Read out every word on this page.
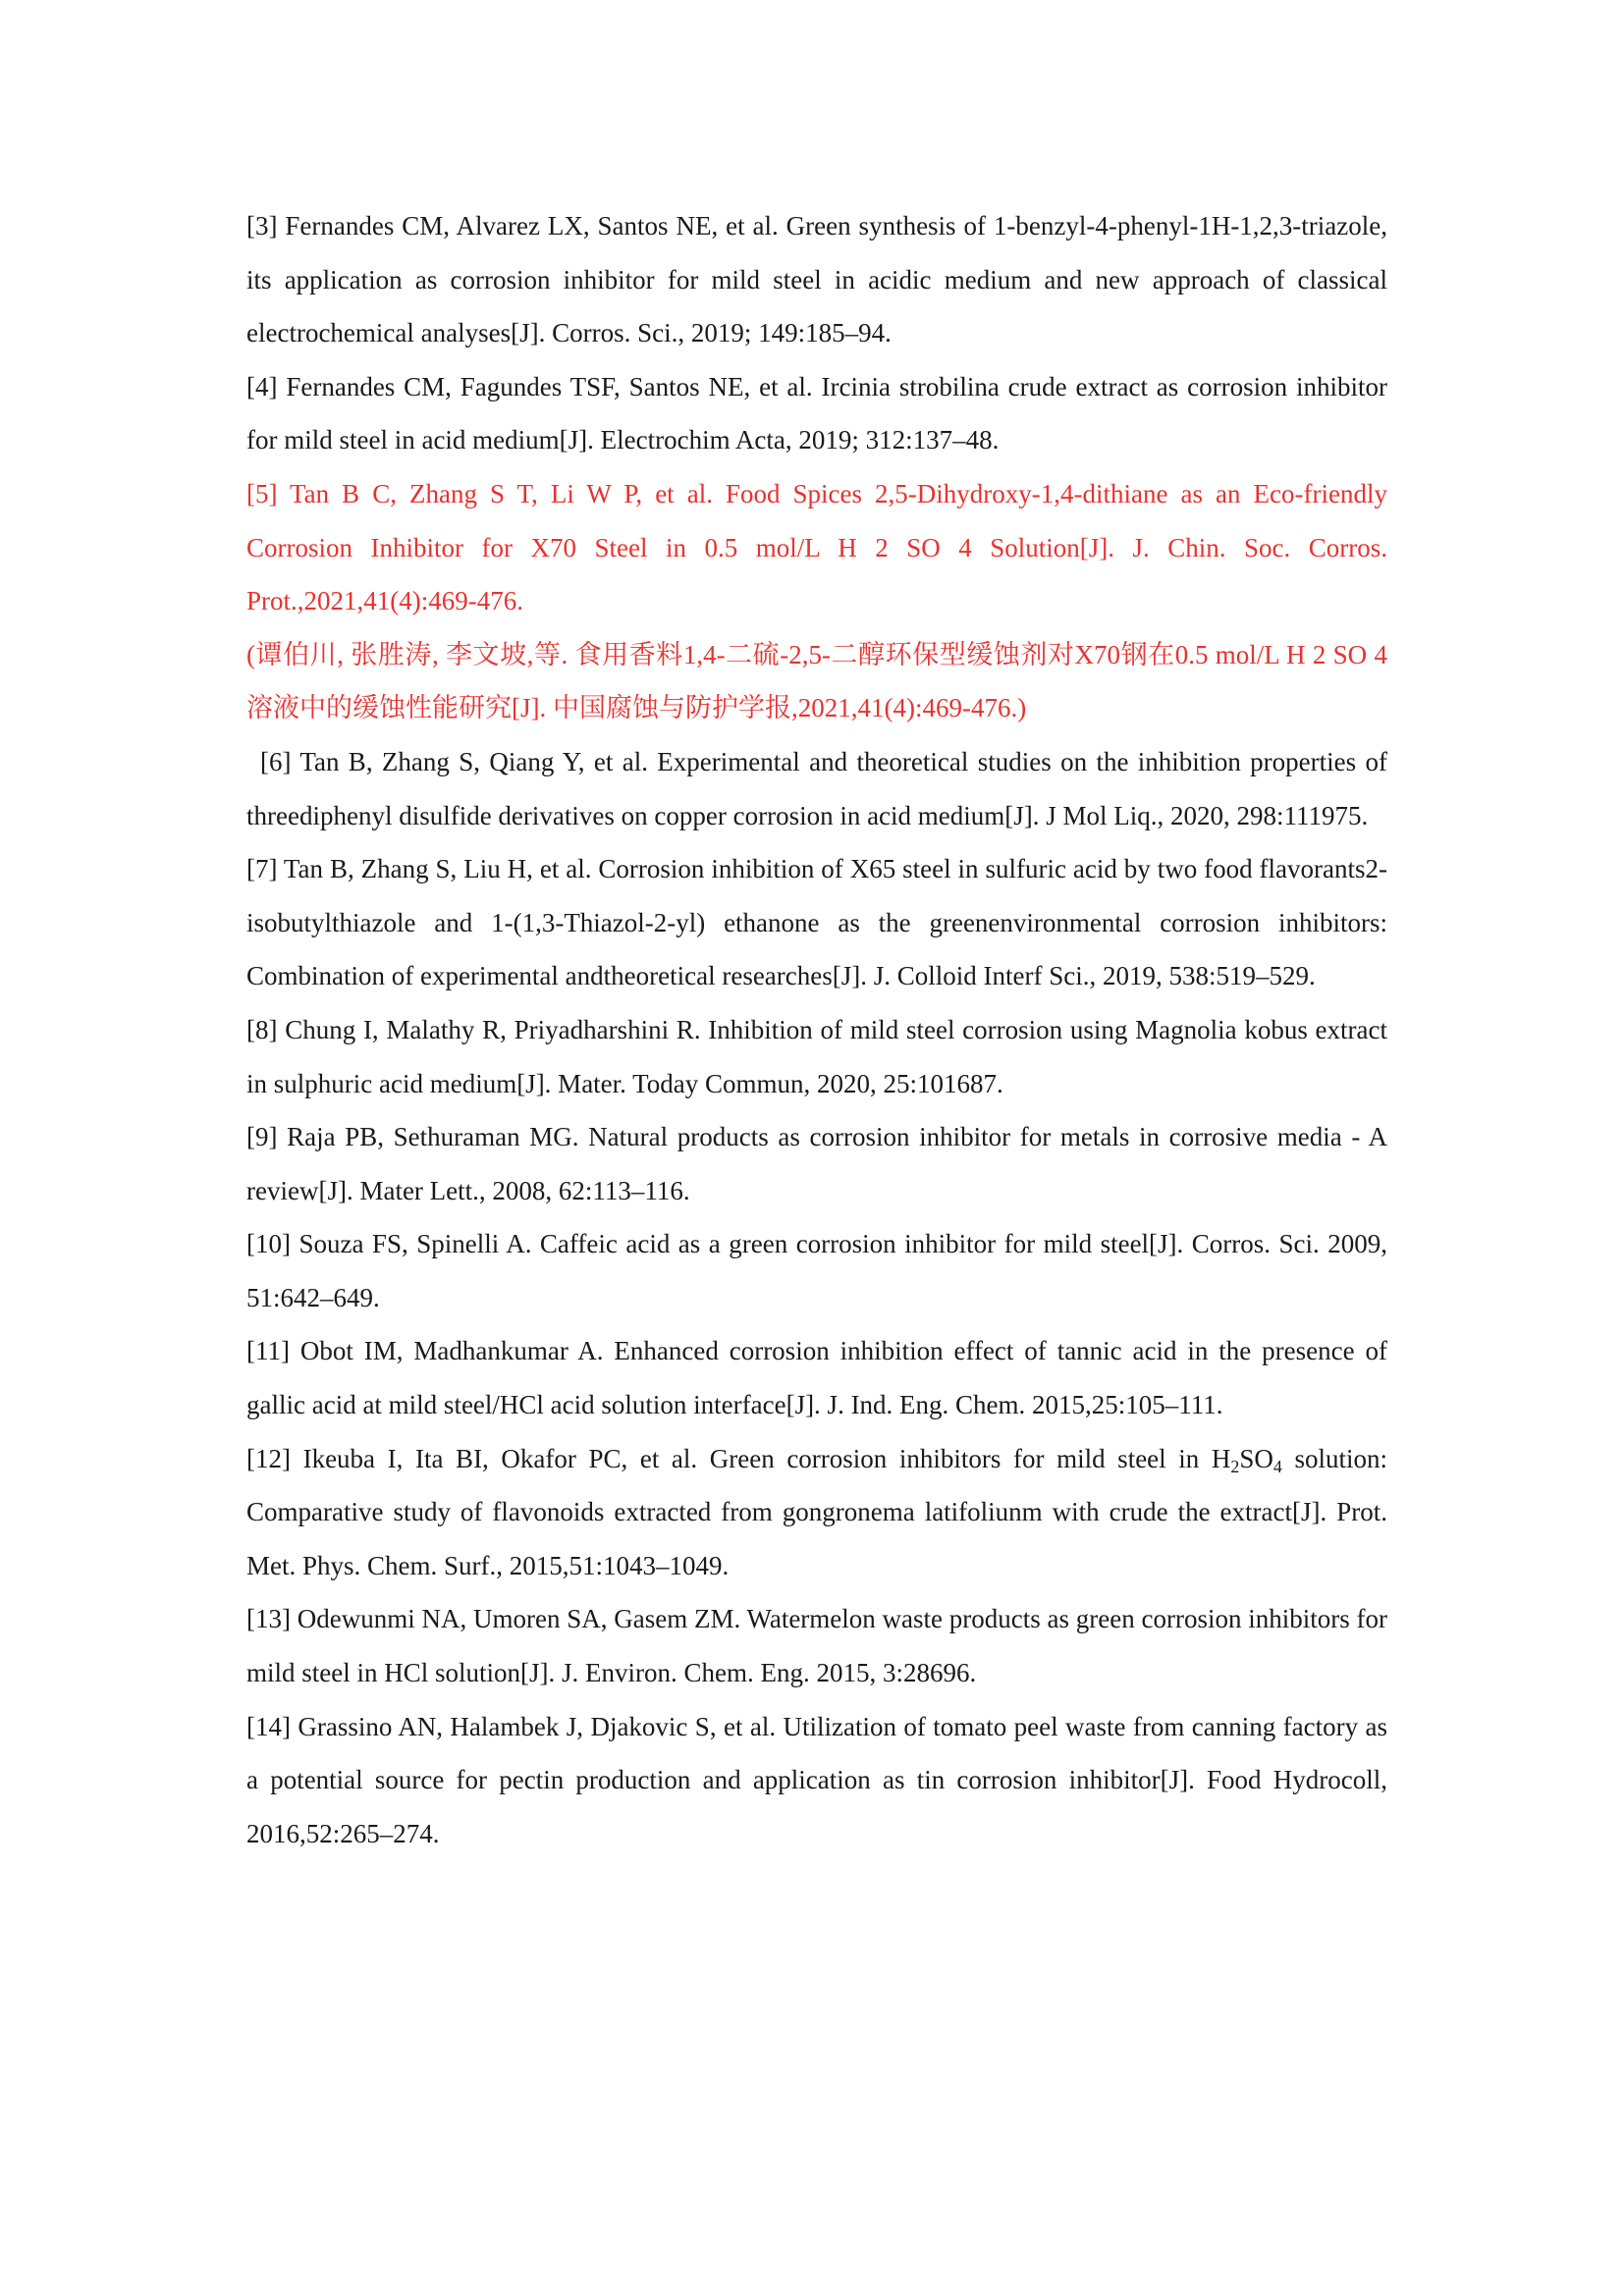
[3] Fernandes CM, Alvarez LX, Santos NE, et al. Green synthesis of 1-benzyl-4-phenyl-1H-1,2,3-triazole, its application as corrosion inhibitor for mild steel in acidic medium and new approach of classical electrochemical analyses[J]. Corros. Sci., 2019; 149:185–94.

[4] Fernandes CM, Fagundes TSF, Santos NE, et al. Ircinia strobilina crude extract as corrosion inhibitor for mild steel in acid medium[J]. Electrochim Acta, 2019; 312:137–48.

[5] Tan B C, Zhang S T, Li W P, et al. Food Spices 2,5-Dihydroxy-1,4-dithiane as an Eco-friendly Corrosion Inhibitor for X70 Steel in 0.5 mol/L H 2 SO 4 Solution[J]. J. Chin. Soc. Corros. Prot.,2021,41(4):469-476.

(谭伯川, 张胜涛, 李文坡,等. 食用香料1,4-二硫-2,5-二醇环保型缓蚀剂对X70钢在0.5 mol/L H 2 SO 4 溶液中的缓蚀性能研究[J]. 中国腐蚀与防护学报,2021,41(4):469-476.)

[6] Tan B, Zhang S, Qiang Y, et al. Experimental and theoretical studies on the inhibition properties of threediphenyl disulfide derivatives on copper corrosion in acid medium[J]. J Mol Liq., 2020, 298:111975.

[7] Tan B, Zhang S, Liu H, et al. Corrosion inhibition of X65 steel in sulfuric acid by two food flavorants2-isobutylthiazole and 1-(1,3-Thiazol-2-yl) ethanone as the greenenvironmental corrosion inhibitors: Combination of experimental andtheoretical researches[J]. J. Colloid Interf Sci., 2019, 538:519–529.

[8] Chung I, Malathy R, Priyadharshini R. Inhibition of mild steel corrosion using Magnolia kobus extract in sulphuric acid medium[J]. Mater. Today Commun, 2020, 25:101687.

[9] Raja PB, Sethuraman MG. Natural products as corrosion inhibitor for metals in corrosive media - A review[J]. Mater Lett., 2008, 62:113–116.

[10] Souza FS, Spinelli A. Caffeic acid as a green corrosion inhibitor for mild steel[J]. Corros. Sci. 2009, 51:642–649.

[11] Obot IM, Madhankumar A. Enhanced corrosion inhibition effect of tannic acid in the presence of gallic acid at mild steel/HCl acid solution interface[J]. J. Ind. Eng. Chem. 2015,25:105–111.

[12] Ikeuba I, Ita BI, Okafor PC, et al. Green corrosion inhibitors for mild steel in $H_2SO_4$ solution: Comparative study of flavonoids extracted from gongronema latifoliunm with crude the extract[J]. Prot. Met. Phys. Chem. Surf., 2015,51:1043–1049.

[13] Odewunmi NA, Umoren SA, Gasem ZM. Watermelon waste products as green corrosion inhibitors for mild steel in HCl solution[J]. J. Environ. Chem. Eng. 2015, 3:28696.

[14] Grassino AN, Halambek J, Djakovic S, et al. Utilization of tomato peel waste from canning factory as a potential source for pectin production and application as tin corrosion inhibitor[J]. Food Hydrocoll, 2016,52:265–274.
